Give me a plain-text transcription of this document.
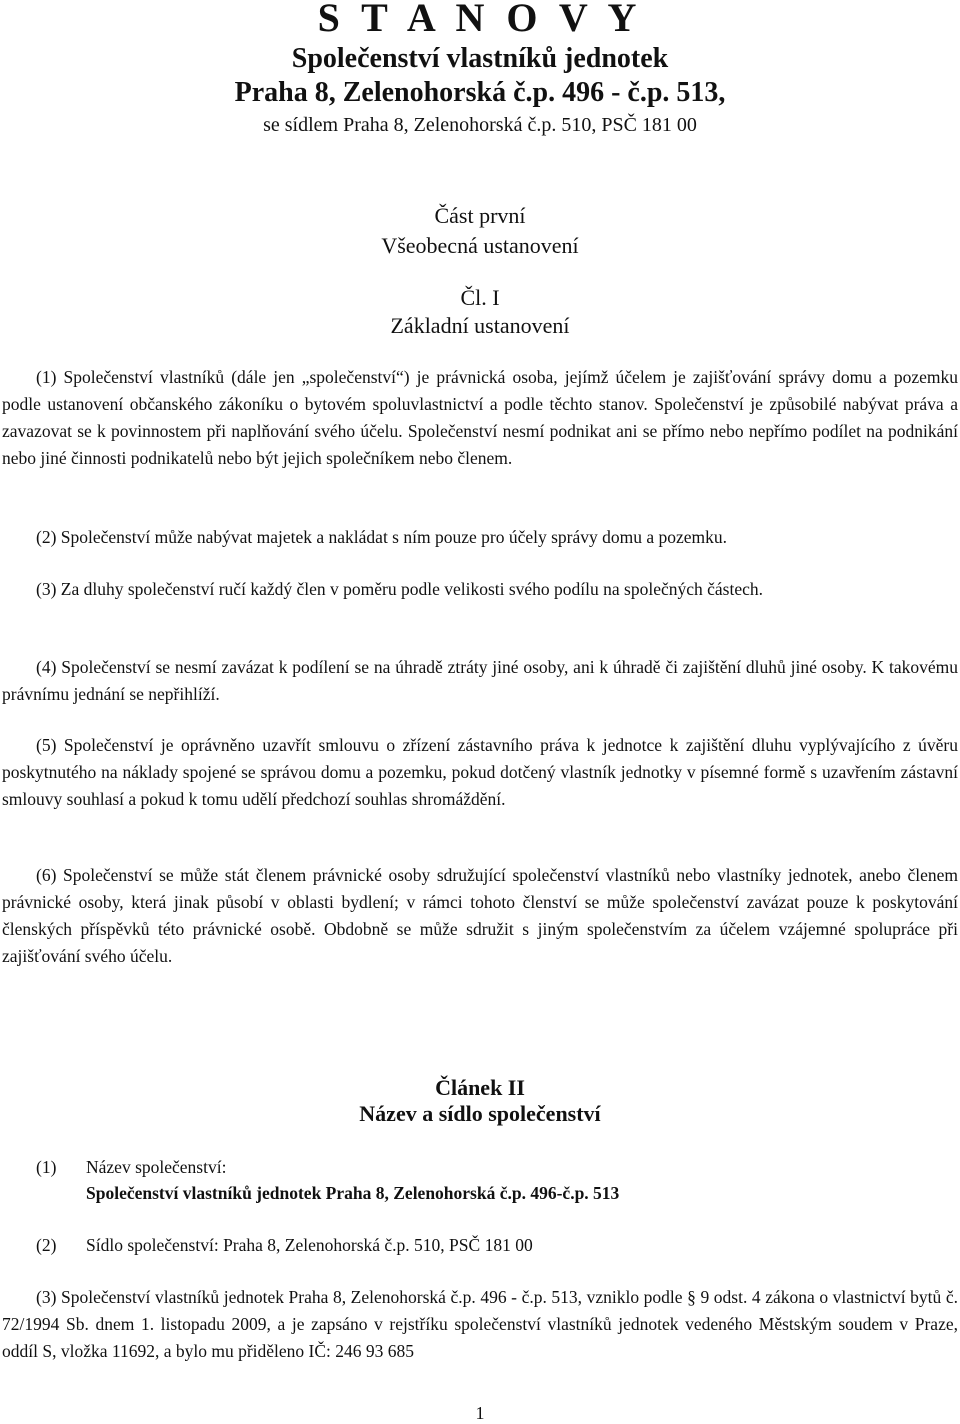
S T A N O V Y
Společenství vlastníků jednotek
Praha 8, Zelenohorská č.p. 496 - č.p. 513,
se sídlem Praha 8, Zelenohorská č.p. 510, PSČ 181 00
Část první
Všeobecná ustanovení
Čl. I
Základní ustanovení
(1) Společenství vlastníků (dále jen „společenství“) je právnická osoba, jejímž účelem je zajišťování správy domu a pozemku podle ustanovení občanského zákoníku o bytovém spoluvlastnictví a podle těchto stanov. Společenství je způsobilé nabývat práva a zavazovat se k povinnostem při naplňování svého účelu. Společenství nesmí podnikat ani se přímo nebo nepřímo podílet na podnikání nebo jiné činnosti podnikatelů nebo být jejich společníkem nebo členem.
(2) Společenství může nabývat majetek a nakládat s ním pouze pro účely správy domu a pozemku.
(3) Za dluhy společenství ručí každý člen v poměru podle velikosti svého podílu na společných částech.
(4) Společenství se nesmí zavázat k podílení se na úhradě ztráty jiné osoby, ani k úhradě či zajištění dluhů jiné osoby. K takovému právnímu jednání se nepřihlíží.
(5) Společenství je oprávněno uzavřít smlouvu o zřízení zástavního práva k jednotce k zajištění dluhu vyplývajícího z úvěru poskytnutého na náklady spojené se správou domu a pozemku, pokud dotčený vlastník jednotky v písemné formě s uzavřením zástavní smlouvy souhlasí a pokud k tomu udělí předchozí souhlas shromáždění.
(6) Společenství se může stát členem právnické osoby sdružující společenství vlastníků nebo vlastníky jednotek, anebo členem právnické osoby, která jinak působí v oblasti bydlení; v rámci tohoto členství se může společenství zavázat pouze k poskytování členských příspěvků této právnické osobě. Obdobně se může sdružit s jiným společenstvím za účelem vzájemné spolupráce při zajišťování svého účelu.
Článek II
Název a sídlo společenství
(1) Název společenství:
Společenství vlastníků jednotek Praha 8, Zelenohorská č.p. 496-č.p. 513
(2) Sídlo společenství: Praha 8, Zelenohorská č.p. 510, PSČ 181 00
(3) Společenství vlastníků jednotek Praha 8, Zelenohorská č.p. 496 - č.p. 513, vzniklo podle § 9 odst. 4 zákona o vlastnictví bytů č. 72/1994 Sb. dnem 1. listopadu 2009, a je zapsáno v rejstříku společenství vlastníků jednotek vedeného Městským soudem v Praze, oddíl S, vložka 11692, a bylo mu přiděleno IČ: 246 93 685
1
